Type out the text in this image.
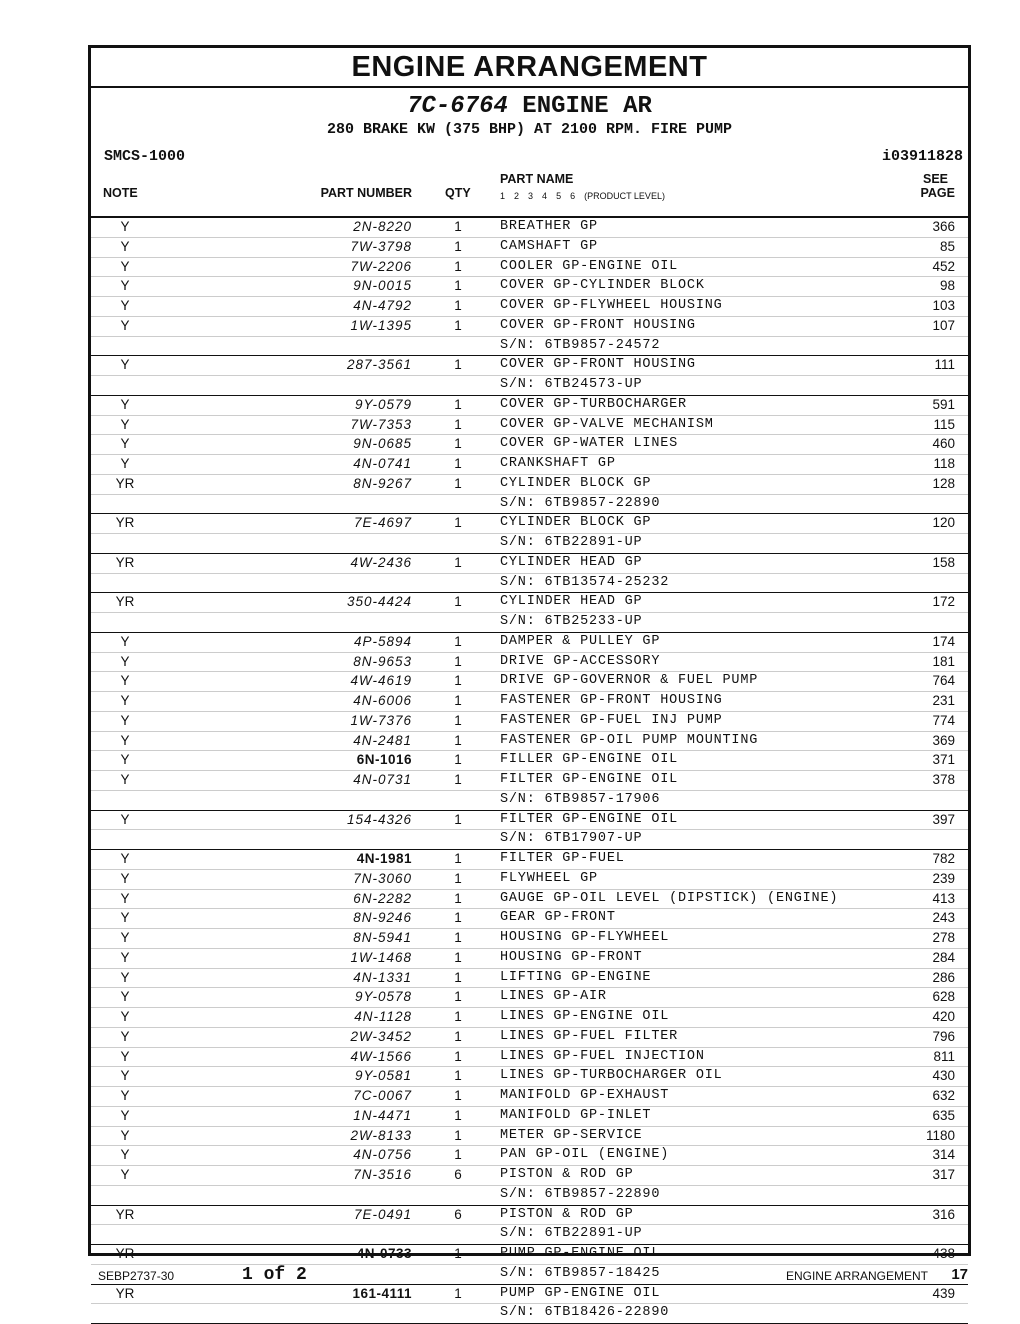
ENGINE ARRANGEMENT
7C-6764 ENGINE AR
280 BRAKE KW (375 BHP) AT 2100 RPM. FIRE PUMP
SMCS-1000	i03911828
NOTE	PART NUMBER	QTY
PART NAME
1 2 3 4 5 6 (PRODUCT LEVEL)
SEE
PAGE
Y	2N-8220	1	BREATHER GP	366
Y	7W-3798	1	CAMSHAFT GP	85
Y	7W-2206	1	COOLER GP-ENGINE OIL	452
Y	9N-0015	1	COVER GP-CYLINDER BLOCK	98
Y	4N-4792	1	COVER GP-FLYWHEEL HOUSING	103
Y	1W-1395	1	COVER GP-FRONT HOUSING	107
S/N: 6TB9857-24572
Y	287-3561	1	COVER GP-FRONT HOUSING	111
S/N: 6TB24573-UP
Y	9Y-0579	1	COVER GP-TURBOCHARGER	591
Y	7W-7353	1	COVER GP-VALVE MECHANISM	115
Y	9N-0685	1	COVER GP-WATER LINES	460
Y	4N-0741	1	CRANKSHAFT GP	118
YR	8N-9267	1	CYLINDER BLOCK GP	128
S/N: 6TB9857-22890
YR	7E-4697	1	CYLINDER BLOCK GP	120
S/N: 6TB22891-UP
YR	4W-2436	1	CYLINDER HEAD GP	158
S/N: 6TB13574-25232
YR	350-4424	1	CYLINDER HEAD GP	172
S/N: 6TB25233-UP
Y	4P-5894	1	DAMPER & PULLEY GP	174
Y	8N-9653	1	DRIVE GP-ACCESSORY	181
Y	4W-4619	1	DRIVE GP-GOVERNOR & FUEL PUMP	764
Y	4N-6006	1	FASTENER GP-FRONT HOUSING	231
Y	1W-7376	1	FASTENER GP-FUEL INJ PUMP	774
Y	4N-2481	1	FASTENER GP-OIL PUMP MOUNTING	369
Y	6N-1016	1	FILLER GP-ENGINE OIL	371
Y	4N-0731	1	FILTER GP-ENGINE OIL	378
S/N: 6TB9857-17906
Y	154-4326	1	FILTER GP-ENGINE OIL	397
S/N: 6TB17907-UP
Y	4N-1981	1	FILTER GP-FUEL	782
Y	7N-3060	1	FLYWHEEL GP	239
Y	6N-2282	1	GAUGE GP-OIL LEVEL (DIPSTICK) (ENGINE)	413
Y	8N-9246	1	GEAR GP-FRONT	243
Y	8N-5941	1	HOUSING GP-FLYWHEEL	278
Y	1W-1468	1	HOUSING GP-FRONT	284
Y	4N-1331	1	LIFTING GP-ENGINE	286
Y	9Y-0578	1	LINES GP-AIR	628
Y	4N-1128	1	LINES GP-ENGINE OIL	420
Y	2W-3452	1	LINES GP-FUEL FILTER	796
Y	4W-1566	1	LINES GP-FUEL INJECTION	811
Y	9Y-0581	1	LINES GP-TURBOCHARGER OIL	430
Y	7C-0067	1	MANIFOLD GP-EXHAUST	632
Y	1N-4471	1	MANIFOLD GP-INLET	635
Y	2W-8133	1	METER GP-SERVICE	1180
Y	4N-0756	1	PAN GP-OIL (ENGINE)	314
Y	7N-3516	6	PISTON & ROD GP	317
S/N: 6TB9857-22890
YR	7E-0491	6	PISTON & ROD GP	316
S/N: 6TB22891-UP
YR	4N-0733	1	PUMP GP-ENGINE OIL	438
S/N: 6TB9857-18425
YR	161-4111	1	PUMP GP-ENGINE OIL	439
S/N: 6TB18426-22890
SEBP2737-30	1 of 2	ENGINE ARRANGEMENT 17
